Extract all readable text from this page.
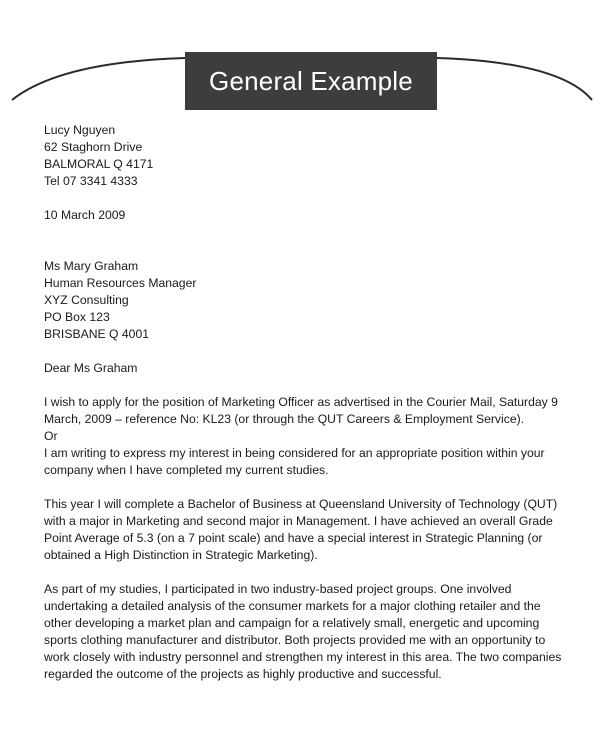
General Example

Lucy Nguyen

62 Staghorn Drive

BALMORAL Q 4171

Tel 07 3341 4333

10 March 2009

Ms Mary Graham

Human Resources Manager

XYZ Consulting

PO Box 123

BRISBANE Q 4001

Dear Ms Graham

I wish to apply for the position of Marketing Officer as advertised in the Courier Mail, Saturday 9 March, 2009 – reference No: KL23 (or through the QUT Careers & Employment Service).

Or

I am writing to express my interest in being considered for an appropriate position within your company when I have completed my current studies.

This year I will complete a Bachelor of Business at Queensland University of Technology (QUT) with a major in Marketing and second major in Management. I have achieved an overall Grade Point Average of 5.3 (on a 7 point scale) and have a special interest in Strategic Planning (or obtained a High Distinction in Strategic Marketing).

As part of my studies, I participated in two industry-based project groups. One involved undertaking a detailed analysis of the consumer markets for a major clothing retailer and the other developing a market plan and campaign for a relatively small, energetic and upcoming sports clothing manufacturer and distributor. Both projects provided me with an opportunity to work closely with industry personnel and strengthen my interest in this area. The two companies regarded the outcome of the projects as highly productive and successful.
